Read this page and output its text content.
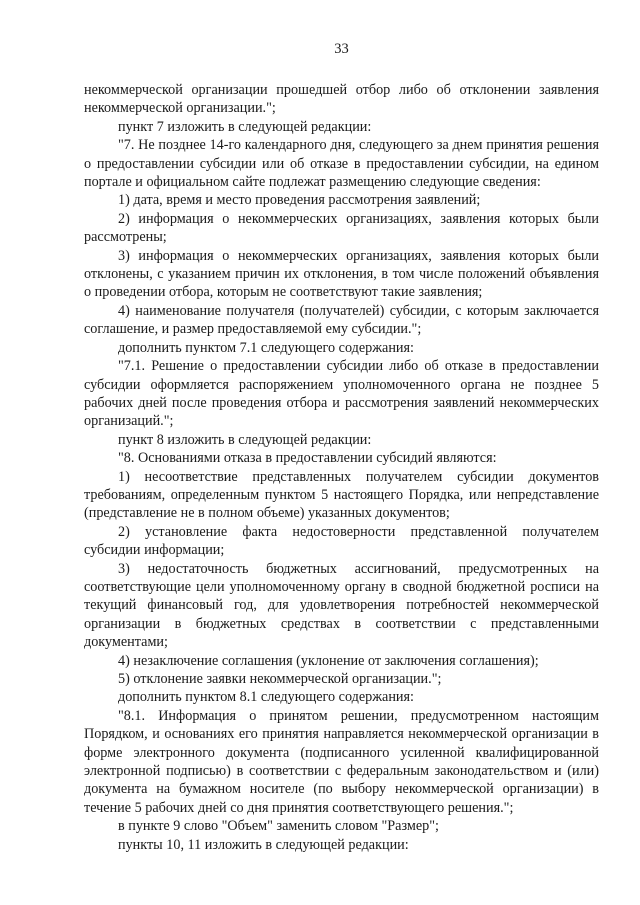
33

некоммерческой организации прошедшей отбор либо об отклонении заявления некоммерческой организации.";

пункт 7 изложить в следующей редакции:

"7. Не позднее 14-го календарного дня, следующего за днем принятия решения о предоставлении субсидии или об отказе в предоставлении субсидии, на едином портале и официальном сайте подлежат размещению следующие сведения:

1) дата, время и место проведения рассмотрения заявлений;

2) информация о некоммерческих организациях, заявления которых были рассмотрены;

3) информация о некоммерческих организациях, заявления которых были отклонены, с указанием причин их отклонения, в том числе положений объявления о проведении отбора, которым не соответствуют такие заявления;

4) наименование получателя (получателей) субсидии, с которым заключается соглашение, и размер предоставляемой ему субсидии.";

дополнить пунктом 7.1 следующего содержания:

"7.1. Решение о предоставлении субсидии либо об отказе в предоставлении субсидии оформляется распоряжением уполномоченного органа не позднее 5 рабочих дней после проведения отбора и рассмотрения заявлений некоммерческих организаций.";

пункт 8 изложить в следующей редакции:

"8. Основаниями отказа в предоставлении субсидий являются:

1) несоответствие представленных получателем субсидии документов требованиям, определенным пунктом 5 настоящего Порядка, или непредставление (представление не в полном объеме) указанных документов;

2) установление факта недостоверности представленной получателем субсидии информации;

3) недостаточность бюджетных ассигнований, предусмотренных на соответствующие цели уполномоченному органу в сводной бюджетной росписи на текущий финансовый год, для удовлетворения потребностей некоммерческой организации в бюджетных средствах в соответствии с представленными документами;

4) незаключение соглашения (уклонение от заключения соглашения);

5) отклонение заявки некоммерческой организации.";

дополнить пунктом 8.1 следующего содержания:

"8.1. Информация о принятом решении, предусмотренном настоящим Порядком, и основаниях его принятия направляется некоммерческой организации в форме электронного документа (подписанного усиленной квалифицированной электронной подписью) в соответствии с федеральным законодательством и (или) документа на бумажном носителе (по выбору некоммерческой организации) в течение 5 рабочих дней со дня принятия соответствующего решения.";

в пункте 9 слово "Объем" заменить словом "Размер";

пункты 10, 11 изложить в следующей редакции:
